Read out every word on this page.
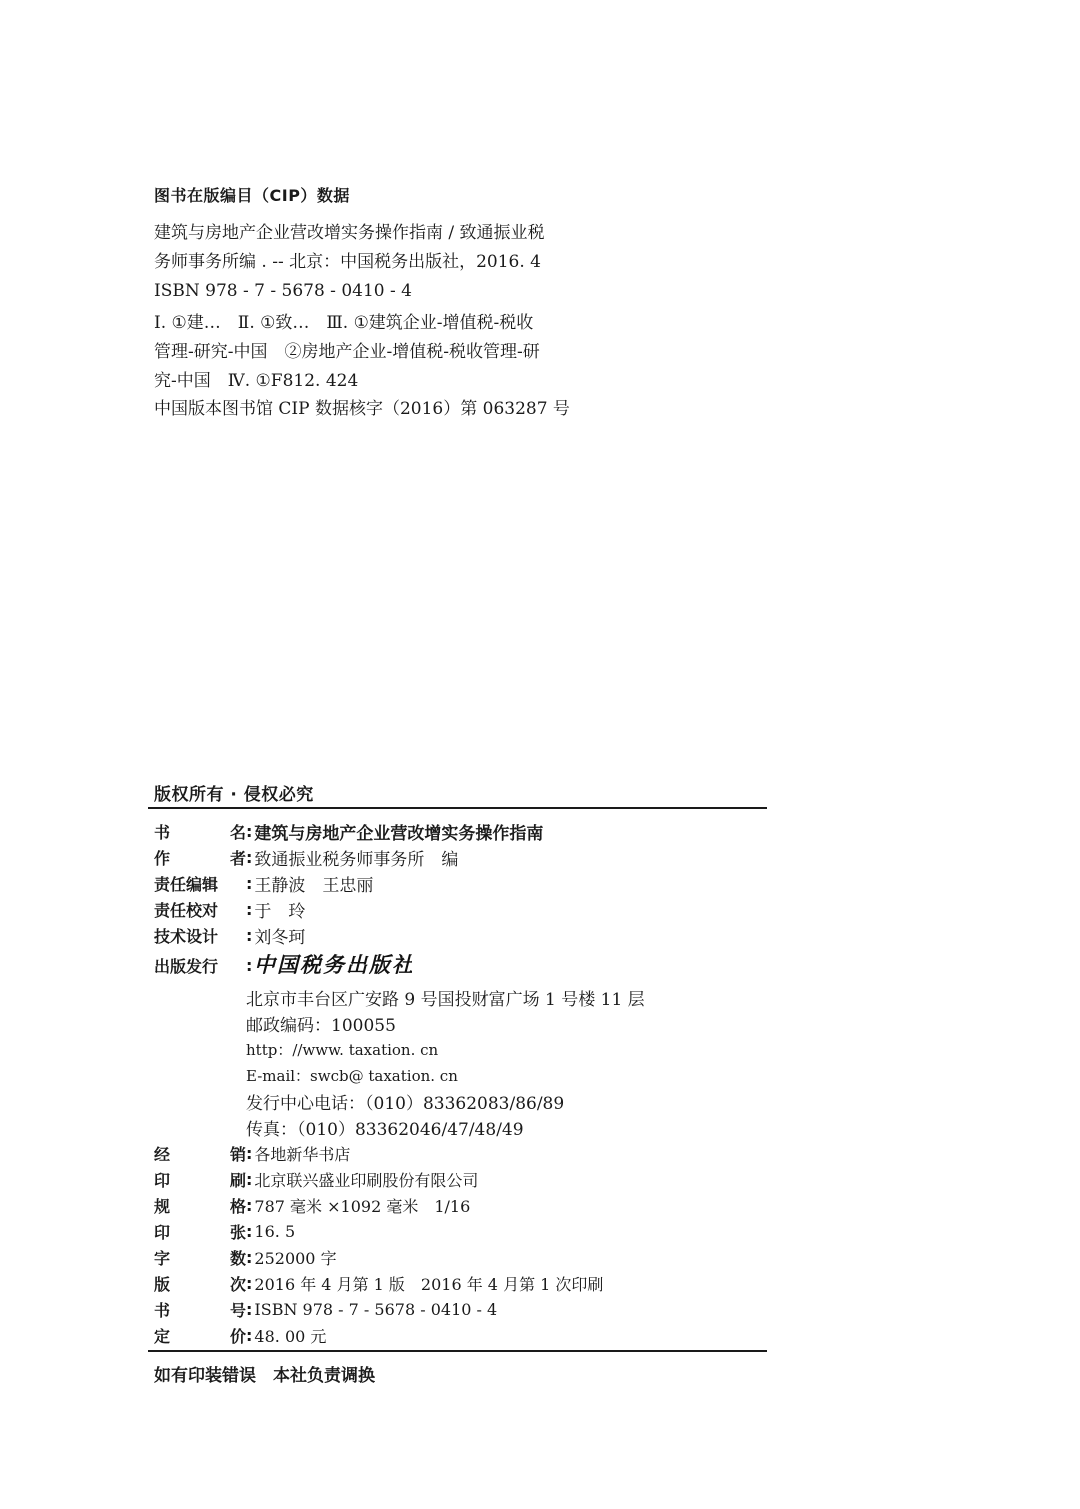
图书在版编目（CIP）数据
建筑与房地产企业营改增实务操作指南 / 致通振业税
务师事务所编 . -- 北京：中国税务出版社，2016. 4
ISBN 978 - 7 - 5678 - 0410 - 4
Ⅰ. ①建…　Ⅱ. ①致…　Ⅲ. ①建筑企业-增值税-税收
管理-研究-中国　②房地产企业-增值税-税收管理-研
究-中国　Ⅳ. ①F812. 424
中国版本图书馆 CIP 数据核字（2016）第 063287 号
版权所有 · 侵权必究
书	名 : 建筑与房地产企业营改增实务操作指南
作	者 : 致通振业税务师事务所　编
责任编辑	: 王静波　王忠丽
责任校对	: 于　玲
技术设计	: 刘冬珂
出版发行	: 中国税务出版社
北京市丰台区广安路 9 号国投财富广场 1 号楼 11 层
邮政编码：100055
http：//www. taxation. cn
E-mail：swcb@ taxation. cn
发行中心电话：（010）83362083/86/89
传真：（010）83362046/47/48/49
经	销 : 各地新华书店
印	刷 : 北京联兴盛业印刷股份有限公司
规	格 : 787 毫米 ×1092 毫米　1/16
印	张 : 16. 5
字	数 : 252000 字
版	次 : 2016 年 4 月第 1 版　2016 年 4 月第 1 次印刷
书	号 : ISBN 978 - 7 - 5678 - 0410 - 4
定	价 : 48. 00 元
如有印装错误　本社负责调换
